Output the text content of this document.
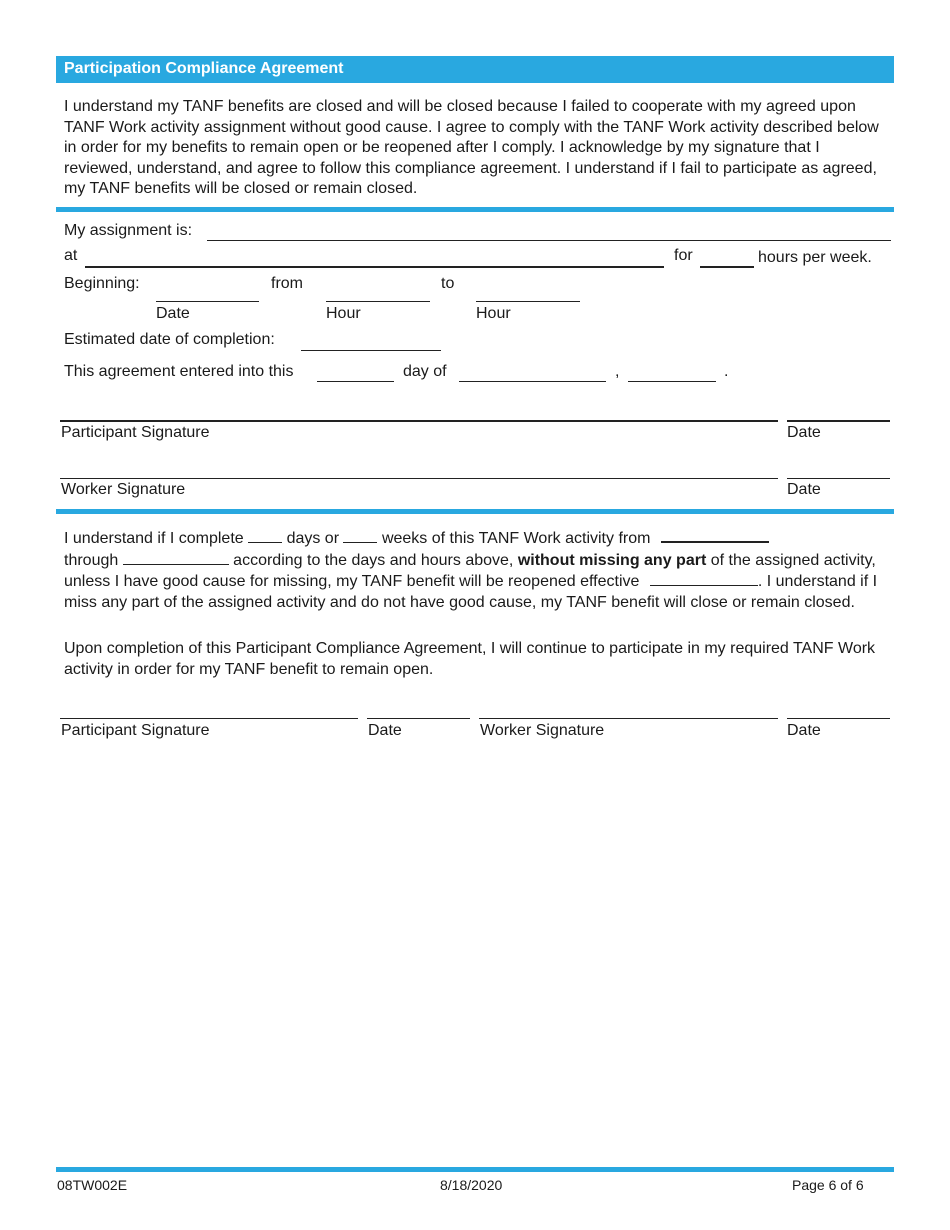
Participation Compliance Agreement
I understand my TANF benefits are closed and will be closed because I failed to cooperate with my agreed upon TANF Work activity assignment without good cause. I agree to comply with the TANF Work activity described below in order for my benefits to remain open or be reopened after I comply. I acknowledge by my signature that I reviewed, understand, and agree to follow this compliance agreement. I understand if I fail to participate as agreed, my TANF benefits will be closed or remain closed.
My assignment is:
at	for	hours per week.
Beginning:	from	to
Date	Hour	Hour
Estimated date of completion:
This agreement entered into this	day of	,	.
Participant Signature	Date
Worker Signature	Date
I understand if I complete	days or	weeks of this TANF Work activity from
through	according to the days and hours above, without missing any part of the assigned activity, unless I have good cause for missing, my TANF benefit will be reopened effective	. I understand if I miss any part of the assigned activity and do not have good cause, my TANF benefit will close or remain closed.
Upon completion of this Participant Compliance Agreement, I will continue to participate in my required TANF Work activity in order for my TANF benefit to remain open.
Participant Signature	Date	Worker Signature	Date
08TW002E	8/18/2020	Page 6 of 6
